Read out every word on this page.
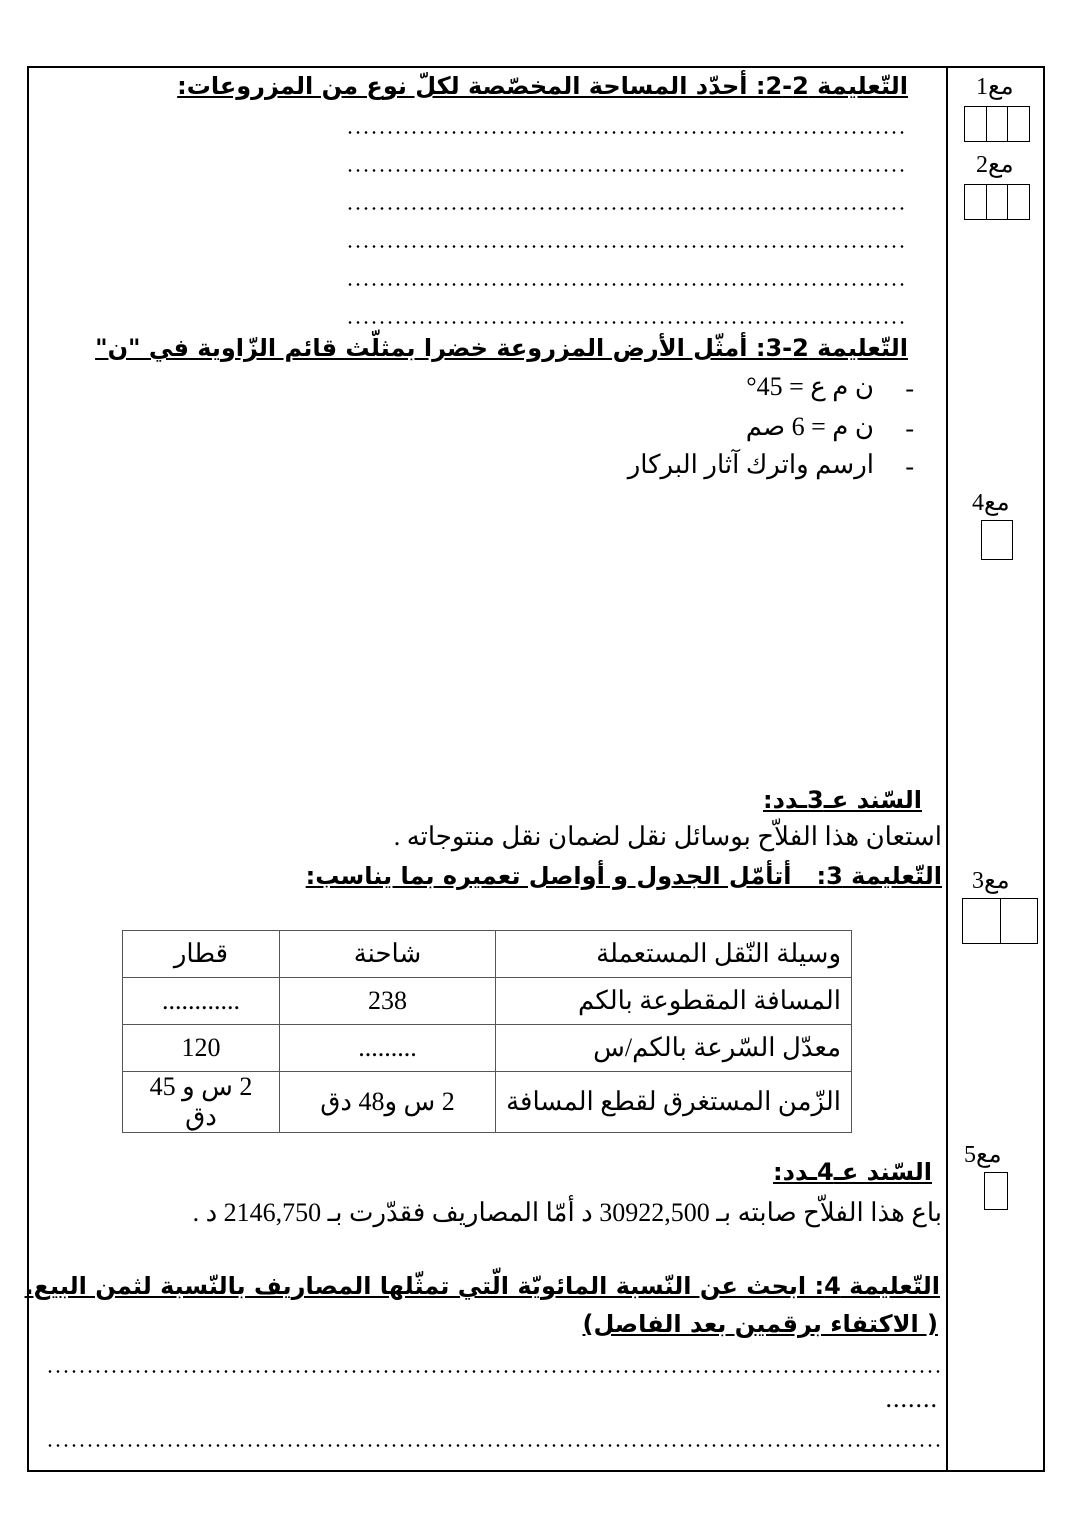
التّعليمة 2-2: أحدّد المساحة المخصّصة لكلّ نوع من المزروعات:
التّعليمة 2-3: أمثّل الأرض المزروعة خضرا بمثلّث قائم الزّاوية في "ن"
-
ن م ع = 45°
-
ن م = 6 صم
-
ارسم واترك آثار البركار
السّند عـ3ـدد:
استعان هذا الفلاّح بوسائل نقل لضمان نقل منتوجاته .
التّعليمة 3:   أتأمّل الجدول و أواصل تعميره بما يناسب:
وسيلة النّقل المستعملة	شاحنة	قطار
المسافة المقطوعة بالكم	238	............
معدّل السّرعة بالكم/س	.........	120
الزّمن المستغرق لقطع المسافة	2 س و48 دق	2 س و 45 دق
السّند عـ4ـدد:
باع هذا الفلاّح صابته بـ 30922,500 د أمّا المصاريف فقدّرت بـ 2146,750 د .
التّعليمة 4: ابحث عن النّسبة المائويّة الّتي تمثّلها المصاريف بالنّسبة لثمن البيع.
( الاكتفاء برقمين بعد الفاصل)
.......
مع1
مع2
مع4
مع3
مع5
